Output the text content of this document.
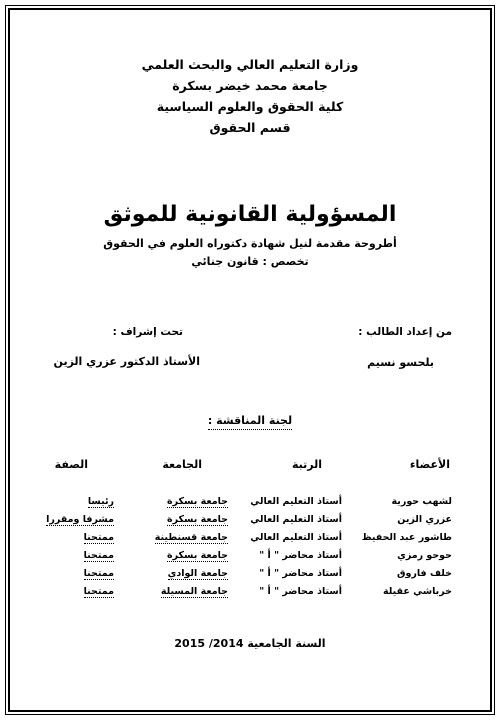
وزارة التعليم العالي والبحث العلمي
جامعة محمد خيضر بسكرة
كلية الحقوق والعلوم السياسية
قسم الحقوق
المسؤولية القانونية للموثق
أطروحة مقدمة لنيل شهادة دكتوراه العلوم في الحقوق
تخصص : قانون جنائي
من إعداد الطالب :
بلحسو نسيم
تحت إشراف :
الأستاذ الدكتور عزري الزين
لجنة المناقشة :
الأعضاء
الرتبة
الجامعة
الصفة
لشهب حورية
أستاذ التعليم العالي
جامعة بسكرة
رئيسا
عزري الزين
أستاذ التعليم العالي
جامعة بسكرة
مشرفا ومقررا
طاشور عبد الحفيظ
أستاذ التعليم العالي
جامعة قسنطينة
ممتحنا
حوحو رمزي
أستاذ محاضر " أ "
جامعة بسكرة
ممتحنا
خلف فاروق
أستاذ محاضر " أ "
جامعة الوادي
ممتحنا
خرباشي عقيلة
أستاذ محاضر " أ "
جامعة المسيلة
ممتحنا
السنة الجامعية 2014/ 2015
